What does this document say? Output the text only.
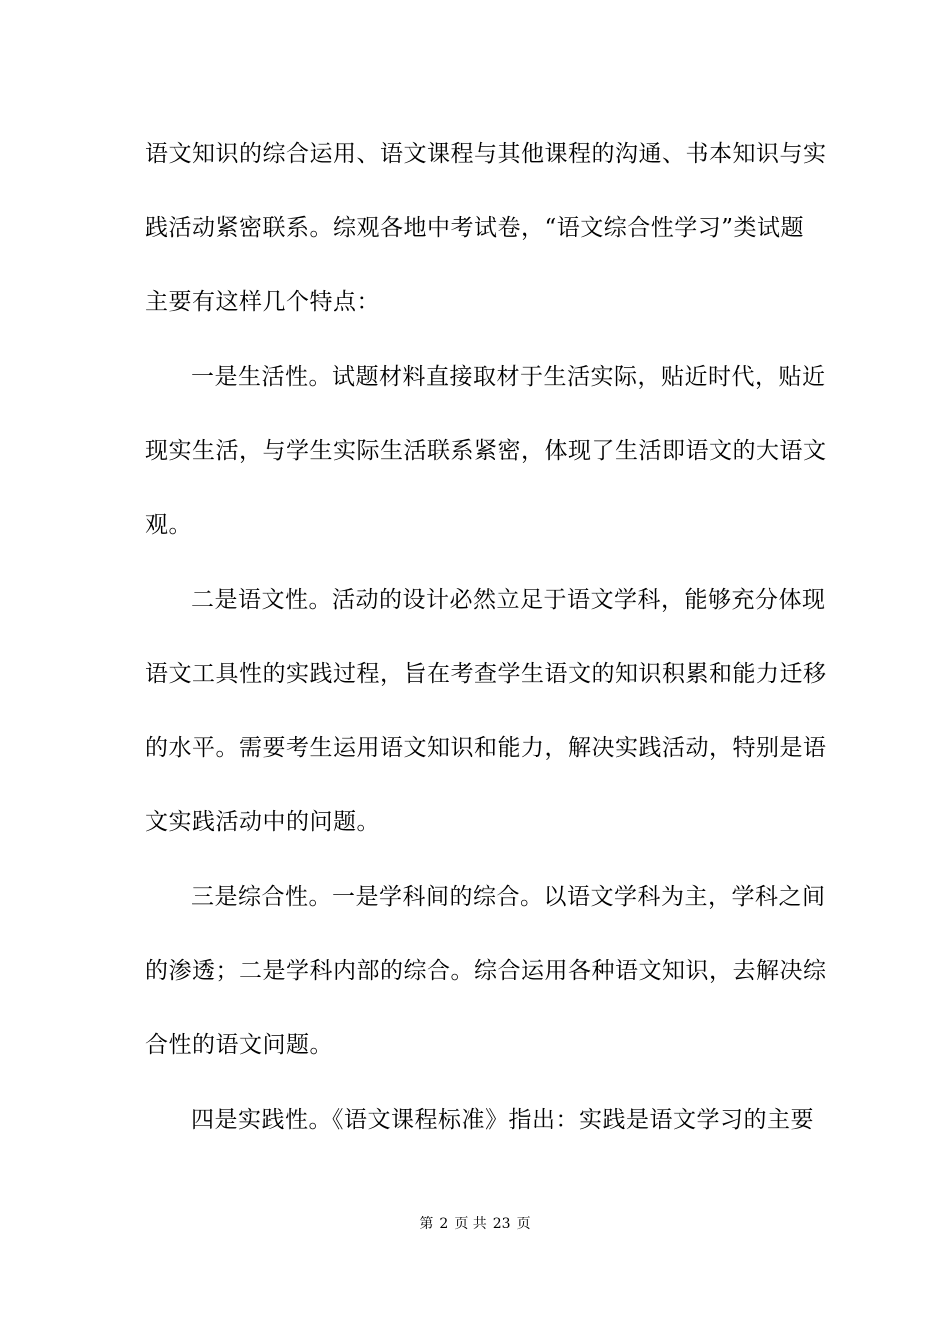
语文知识的综合运用、语文课程与其他课程的沟通、书本知识与实
践活动紧密联系。综观各地中考试卷，“语文综合性学习”类试题
主要有这样几个特点：
一是生活性。试题材料直接取材于生活实际，贴近时代，贴近
现实生活，与学生实际生活联系紧密，体现了生活即语文的大语文
观。
二是语文性。活动的设计必然立足于语文学科，能够充分体现
语文工具性的实践过程，旨在考查学生语文的知识积累和能力迁移
的水平。需要考生运用语文知识和能力，解决实践活动，特别是语
文实践活动中的问题。
三是综合性。一是学科间的综合。以语文学科为主，学科之间
的渗透；二是学科内部的综合。综合运用各种语文知识，去解决综
合性的语文问题。
四是实践性。《语文课程标准》指出：实践是语文学习的主要
第 2 页 共 23 页
